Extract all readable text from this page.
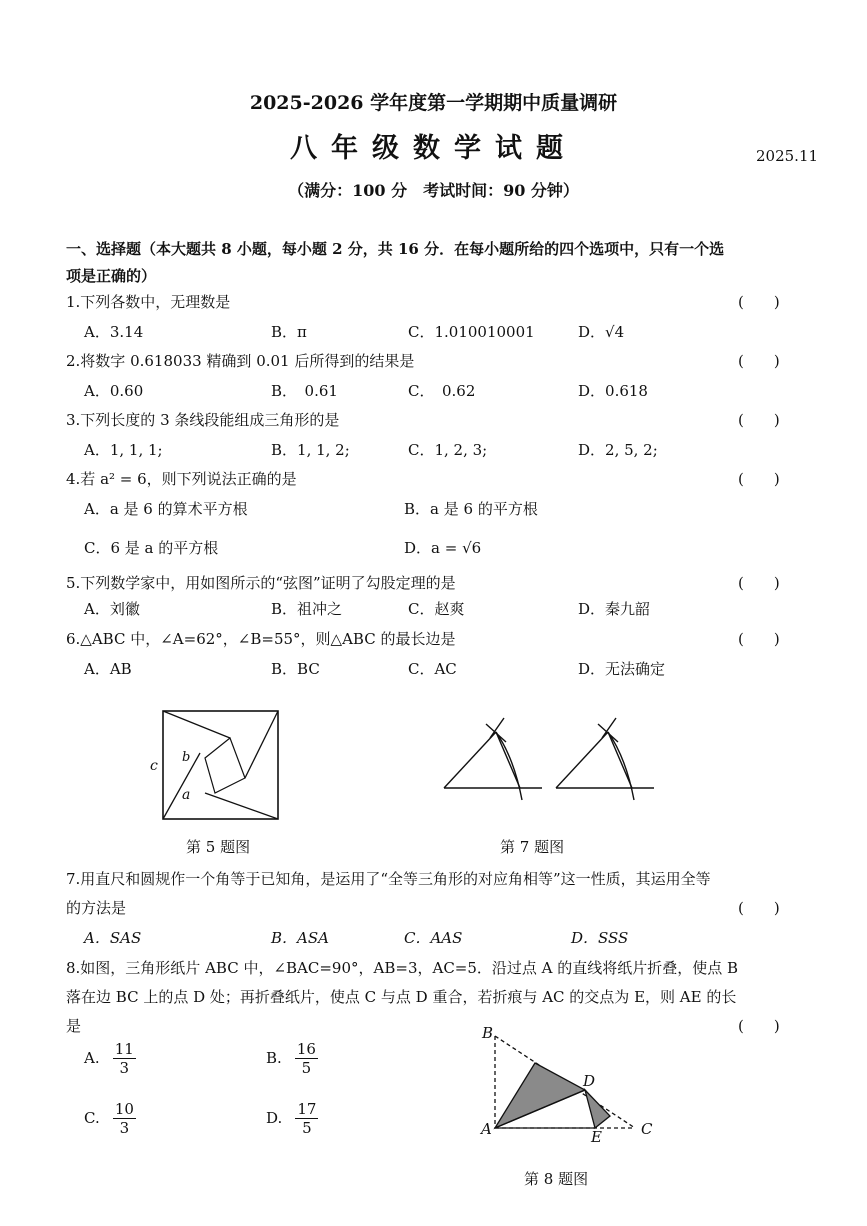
2025-2026 学年度第一学期期中质量调研
八年级数学试题	2025.11
（满分：100 分　考试时间：90 分钟）
一、选择题（本大题共 8 小题，每小题 2 分，共 16 分．在每小题所给的四个选项中，只有一个选
项是正确的）
1.下列各数中，无理数是	(　　)
A．3.14	B．π	C．1.010010001	D．√4
2.将数字 0.618033 精确到 0.01 后所得到的结果是	(　　)
A．0.60	B．　0.61	C．　0.62	D．0.618
3.下列长度的 3 条线段能组成三角形的是	(　　)
A．1, 1, 1;	B．1, 1, 2;	C．1, 2, 3;	D．2, 5, 2;
4.若 a² = 6，则下列说法正确的是	(　　)
A．a 是 6 的算术平方根	B．a 是 6 的平方根
C．6 是 a 的平方根	D．a = √6
5.下列数学家中，用如图所示的“弦图”证明了勾股定理的是	(　　)
A．刘徽	B．祖冲之	C．赵爽	D．秦九韶
6.△ABC 中，∠A=62°，∠B=55°，则△ABC 的最长边是	(　　)
A．AB	B．BC	C．AC	D．无法确定
c
b
a
第 5 题图	第 7 题图
7.用直尺和圆规作一个角等于已知角，是运用了“全等三角形的对应角相等”这一性质，其运用全等
的方法是	(　　)
A．SAS	B．ASA	C．AAS	D．SSS
8.如图，三角形纸片 ABC 中，∠BAC=90°，AB=3，AC=5．沿过点 A 的直线将纸片折叠，使点 B
落在边 BC 上的点 D 处；再折叠纸片，使点 C 与点 D 重合，若折痕与 AC 的交点为 E，则 AE 的长
是	(　　)
A. $\frac{11}{3}$	B. $\frac{16}{5}$
C. $\frac{10}{3}$	D. $\frac{17}{5}$
B
D
A	E	C
第 8 题图
